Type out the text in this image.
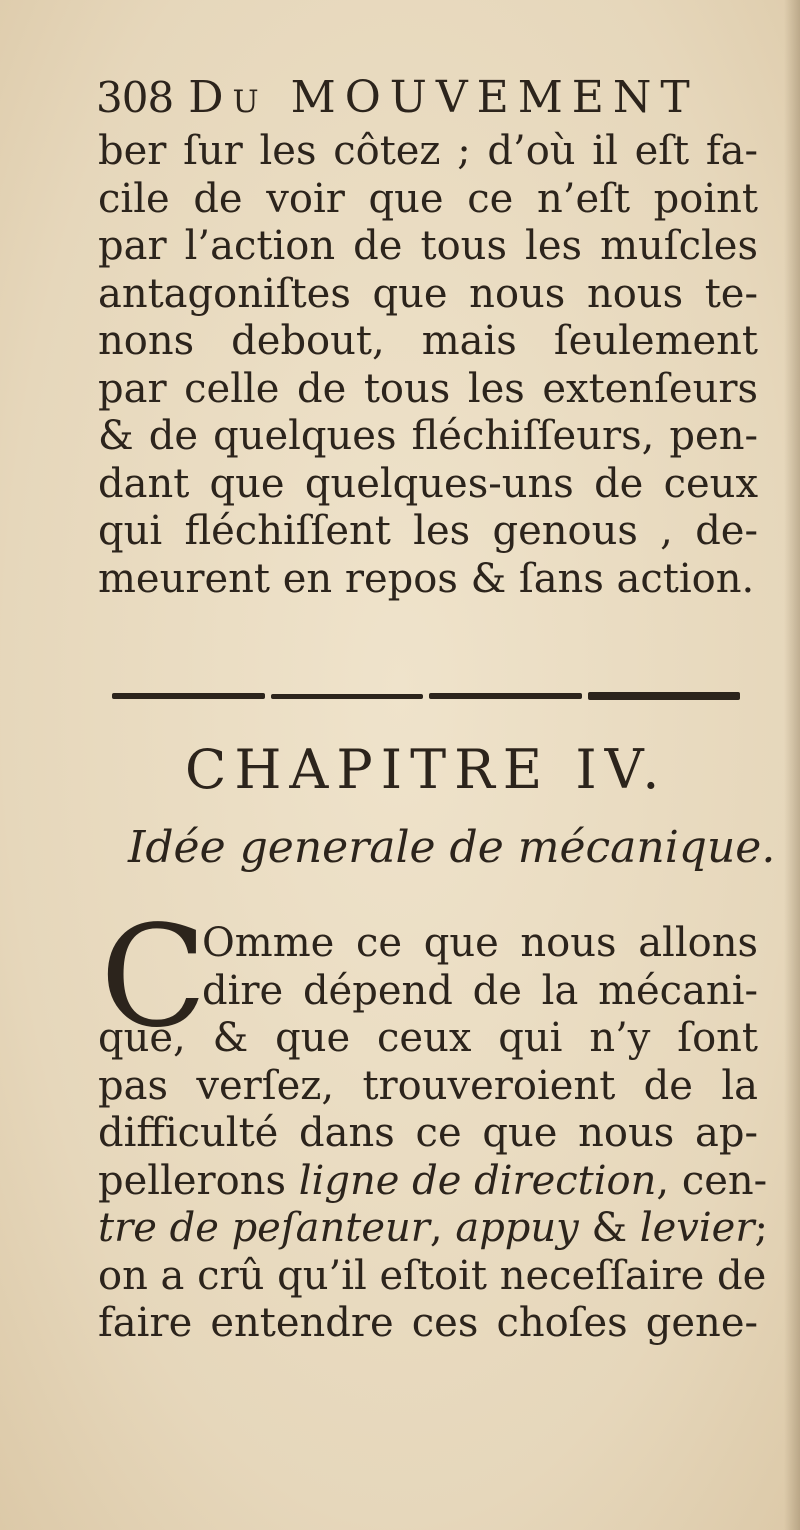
308 Du MOUVEMENT
ber ſur les côtez ; d’où il eſt fa-
cile de voir que ce n’eſt point
par l’action de tous les muſcles
antagoniſtes que nous nous te-
nons debout, mais ſeulement
par celle de tous les extenſeurs
& de quelques fléchiſſeurs, pen-
dant que quelques-uns de ceux
qui fléchiſſent les genous , de-
meurent en repos & ſans action.
CHAPITRE IV.
Idée generale de mécanique.
C
Omme ce que nous allons
dire dépend de la mécani-
que, & que ceux qui n’y ſont
pas verſez, trouveroient de la
difficulté dans ce que nous ap-
pellerons ligne de direction, cen-
tre de peſanteur, appuy & levier;
on a crû qu’il eſtoit neceſſaire de
faire entendre ces choſes gene-
